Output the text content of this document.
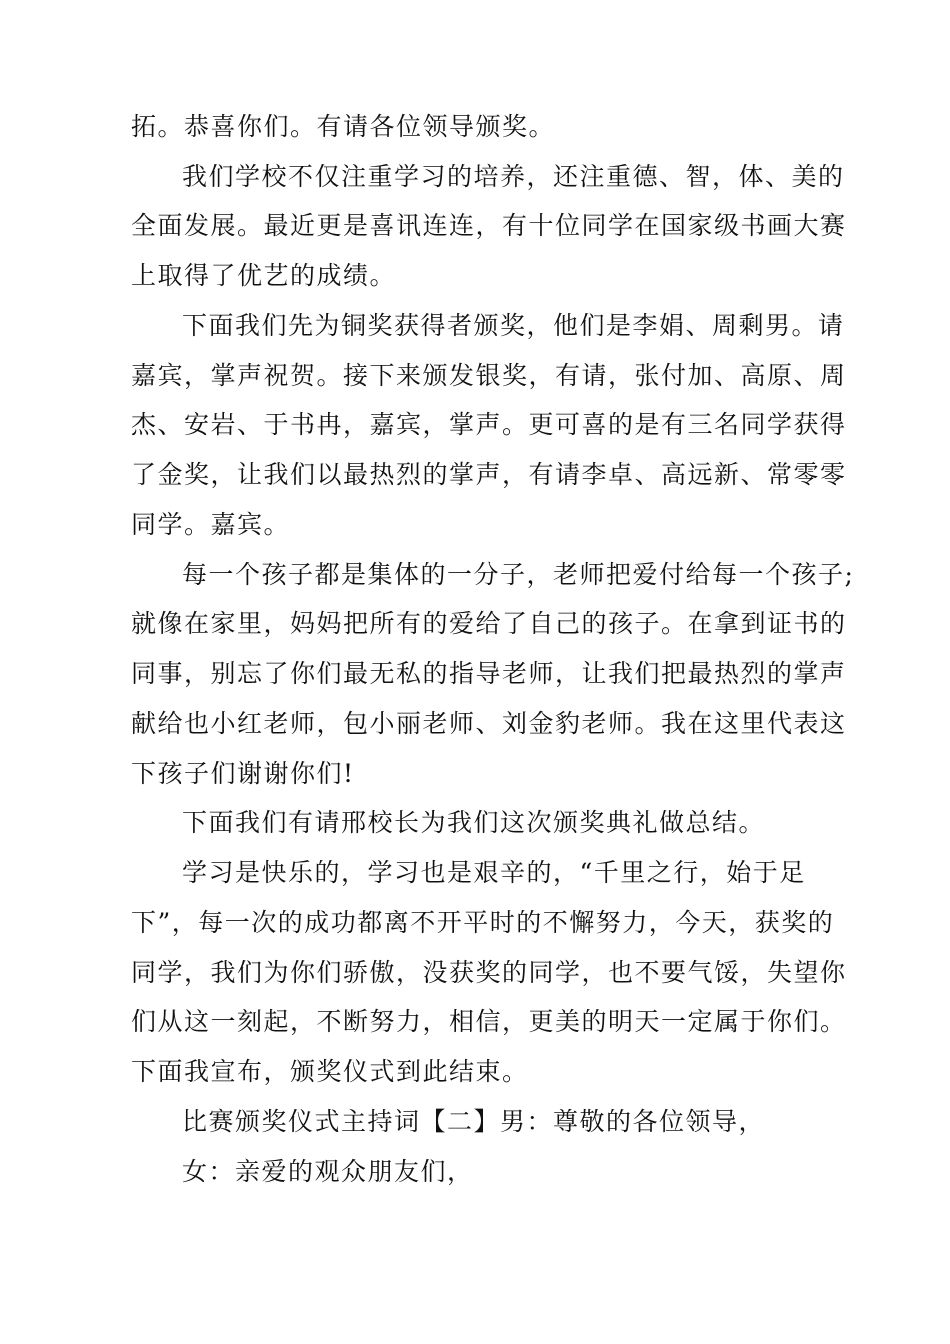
拓。恭喜你们。有请各位领导颁奖。
我们学校不仅注重学习的培养，还注重德、智，体、美的
全面发展。最近更是喜讯连连，有十位同学在国家级书画大赛
上取得了优艺的成绩。
下面我们先为铜奖获得者颁奖，他们是李娟、周剩男。请
嘉宾，掌声祝贺。接下来颁发银奖，有请，张付加、高原、周
杰、安岩、于书冉，嘉宾，掌声。更可喜的是有三名同学获得
了金奖，让我们以最热烈的掌声，有请李卓、高远新、常零零
同学。嘉宾。
每一个孩子都是集体的一分子，老师把爱付给每一个孩子;
就像在家里，妈妈把所有的爱给了自己的孩子。在拿到证书的
同事，别忘了你们最无私的指导老师，让我们把最热烈的掌声
献给也小红老师，包小丽老师、刘金豹老师。我在这里代表这
下孩子们谢谢你们!
下面我们有请邢校长为我们这次颁奖典礼做总结。
学习是快乐的，学习也是艰辛的，“千里之行，始于足
下”，每一次的成功都离不开平时的不懈努力，今天，获奖的
同学，我们为你们骄傲，没获奖的同学，也不要气馁，失望你
们从这一刻起，不断努力，相信，更美的明天一定属于你们。
下面我宣布，颁奖仪式到此结束。
比赛颁奖仪式主持词【二】男：尊敬的各位领导，
女：亲爱的观众朋友们，
